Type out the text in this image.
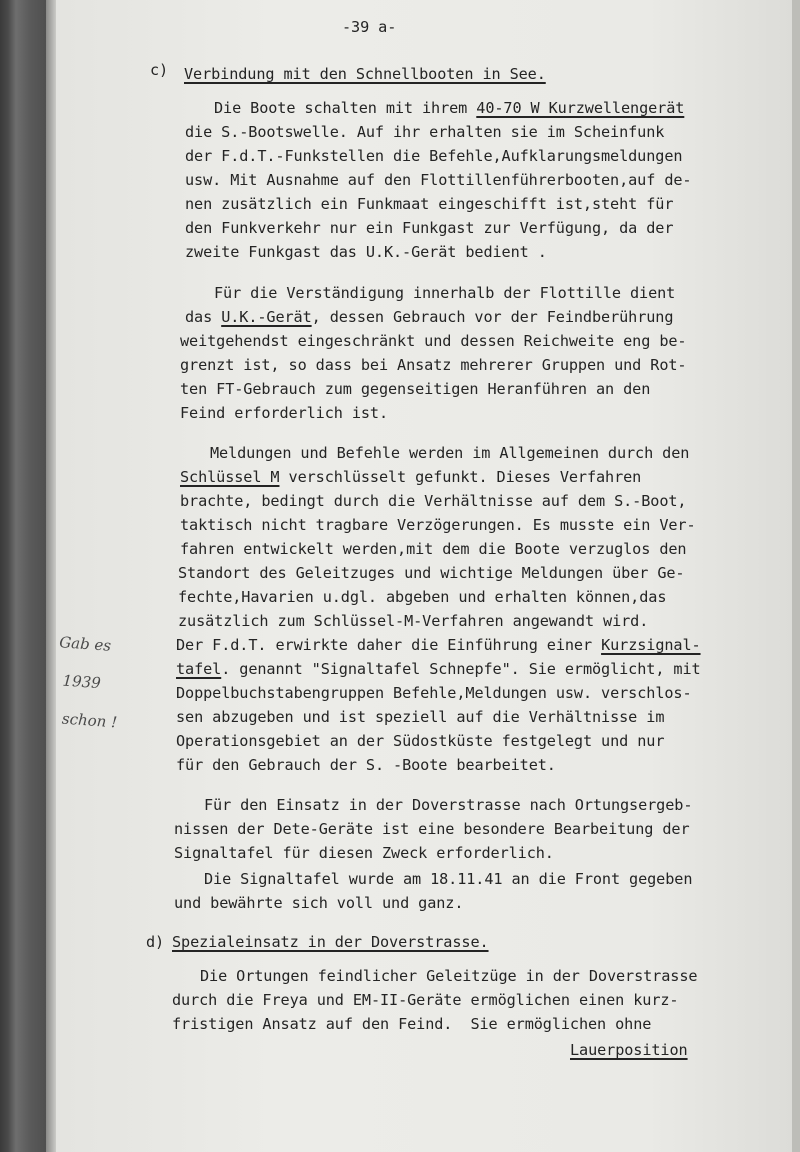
-39 a-
c) Verbindung mit den Schnellbooten in See.
Die Boote schalten mit ihrem 40-70 W Kurzwellengerät
die S.-Bootswelle. Auf ihr erhalten sie im Scheinfunk
der F.d.T.-Funkstellen die Befehle,Aufklarungsmeldungen
usw. Mit Ausnahme auf den Flottillenführerbooten,auf de-
nen zusätzlich ein Funkmaat eingeschifft ist,steht für
den Funkverkehr nur ein Funkgast zur Verfügung, da der
zweite Funkgast das U.K.-Gerät bedient .
Für die Verständigung innerhalb der Flottille dient
das U.K.-Gerät, dessen Gebrauch vor der Feindberührung
weitgehendst eingeschränkt und dessen Reichweite eng be-
grenzt ist, so dass bei Ansatz mehrerer Gruppen und Rot-
ten FT-Gebrauch zum gegenseitigen Heranführen an den
Feind erforderlich ist.
Meldungen und Befehle werden im Allgemeinen durch den
Schlüssel M verschlüsselt gefunkt. Dieses Verfahren
brachte, bedingt durch die Verhältnisse auf dem S.-Boot,
taktisch nicht tragbare Verzögerungen. Es musste ein Ver-
fahren entwickelt werden,mit dem die Boote verzuglos den
Standort des Geleitzuges und wichtige Meldungen über Ge-
fechte,Havarien u.dgl. abgeben und erhalten können,das
zusätzlich zum Schlüssel-M-Verfahren angewandt wird.
Der F.d.T. erwirkte daher die Einführung einer Kurzsignal-
tafel. genannt "Signaltafel Schnepfe". Sie ermöglicht, mit
Doppelbuchstabengruppen Befehle,Meldungen usw. verschlos-
sen abzugeben und ist speziell auf die Verhältnisse im
Operationsgebiet an der Südostküste festgelegt und nur
für den Gebrauch der S. -Boote bearbeitet.
Für den Einsatz in der Doverstrasse nach Ortungsergeb-
nissen der Dete-Geräte ist eine besondere Bearbeitung der
Signaltafel für diesen Zweck erforderlich.
Die Signaltafel wurde am 18.11.41 an die Front gegeben
und bewährte sich voll und ganz.
d) Spezialeinsatz in der Doverstrasse.
Die Ortungen feindlicher Geleitzüge in der Doverstrasse
durch die Freya und EM-II-Geräte ermöglichen einen kurz-
fristigen Ansatz auf den Feind.  Sie ermöglichen ohne
Lauerposition
Gab es
1939
schon !
